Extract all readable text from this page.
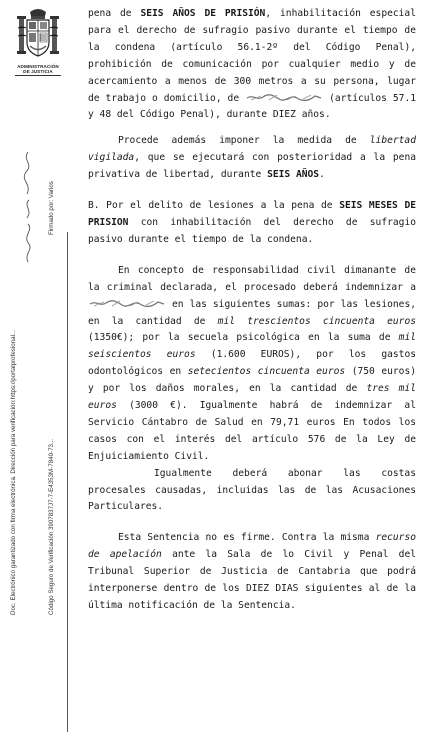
ADMINISTRACIÓN
DE JUSTICIA
Doc. Electrónico garantizado con firma electrónica. Dirección para verificación:https://portalprofesional...	Código Seguro de Verificación 3907837J7-7-E4353M-7840-73...
Firmado por: Varios

pena de SEIS AÑOS DE PRISIÓN, inhabilitación especial para el derecho de sufragio pasivo durante el tiempo de la condena (artículo 56.1-2º del Código Penal), prohibición de comunicación por cualquier medio y de acercamiento a menos de 300 metros a su persona, lugar de trabajo o domicilio, de	(artículos 57.1 y 48 del Código Penal), durante DIEZ años.

Procede además imponer la medida de libertad vigilada, que se ejecutará con posterioridad a la pena privativa de libertad, durante SEIS AÑOS.

B. Por el delito de lesiones a la pena de SEIS MESES DE PRISION con inhabilitación del derecho de sufragio pasivo durante el tiempo de la condena.

En concepto de responsabilidad civil dimanante de la criminal declarada, el procesado deberá indemnizar a
en las siguientes sumas: por las lesiones, en la cantidad de mil trescientos cincuenta euros (1350€); por la secuela psicológica en la suma de mil seiscientos euros (1.600 EUROS), por los gastos odontológicos en setecientos cincuenta euros (750 euros) y por los daños morales, en la cantidad de tres mil euros (3000 €). Igualmente habrá de indemnizar al Servicio Cántabro de Salud en 79,71 euros En todos los casos con el interés del artículo 576 de la Ley de Enjuiciamiento Civil.

Igualmente deberá abonar las costas procesales causadas, incluidas las de las Acusaciones Particulares.

Esta Sentencia no es firme. Contra la misma recurso de apelación ante la Sala de lo Civil y Penal del Tribunal Superior de Justicia de Cantabria que podrá interponerse dentro de los DIEZ DIAS siguientes al de la última notificación de la Sentencia.
